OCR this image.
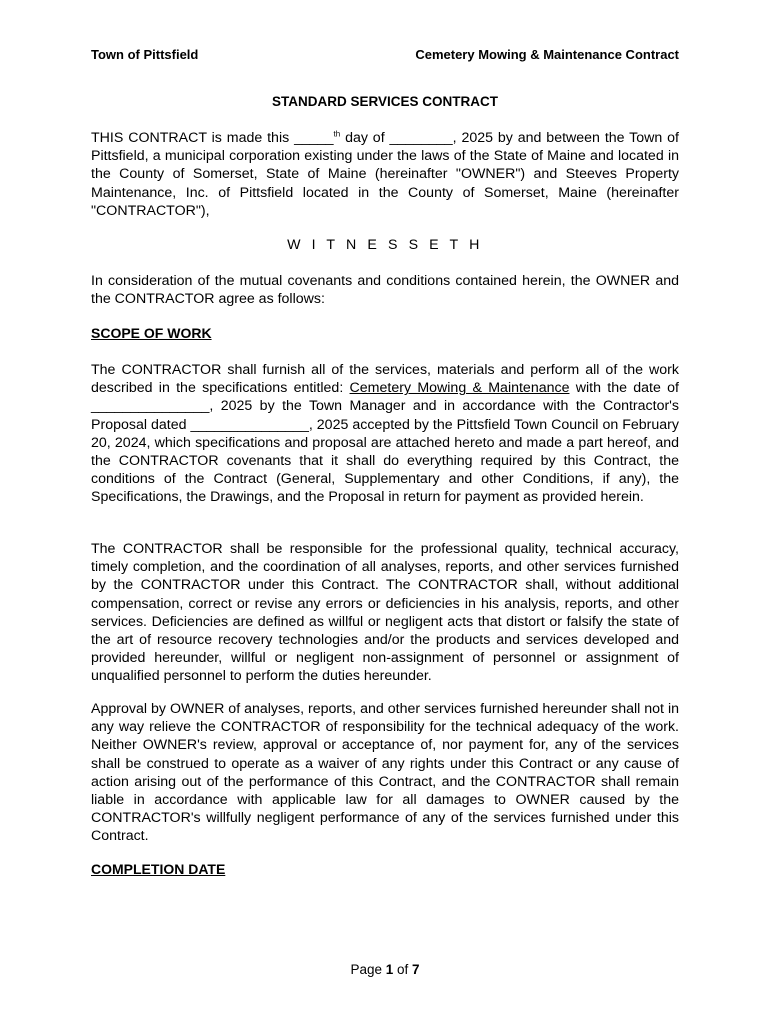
Town of Pittsfield	Cemetery Mowing & Maintenance Contract
STANDARD SERVICES CONTRACT
THIS CONTRACT is made this _____$^{th}$ day of ________, 2025 by and between the Town of Pittsfield, a municipal corporation existing under the laws of the State of Maine and located in the County of Somerset, State of Maine (hereinafter "OWNER") and Steeves Property Maintenance, Inc. of Pittsfield located in the County of Somerset, Maine (hereinafter "CONTRACTOR"),
W I T N E S S E T H
In consideration of the mutual covenants and conditions contained herein, the OWNER and the CONTRACTOR agree as follows:
SCOPE OF WORK
The CONTRACTOR shall furnish all of the services, materials and perform all of the work described in the specifications entitled: Cemetery Mowing & Maintenance with the date of _______________, 2025 by the Town Manager and in accordance with the Contractor's Proposal dated _______________, 2025 accepted by the Pittsfield Town Council on February 20, 2024, which specifications and proposal are attached hereto and made a part hereof, and the CONTRACTOR covenants that it shall do everything required by this Contract, the conditions of the Contract (General, Supplementary and other Conditions, if any), the Specifications, the Drawings, and the Proposal in return for payment as provided herein.
The CONTRACTOR shall be responsible for the professional quality, technical accuracy, timely completion, and the coordination of all analyses, reports, and other services furnished by the CONTRACTOR under this Contract. The CONTRACTOR shall, without additional compensation, correct or revise any errors or deficiencies in his analysis, reports, and other services. Deficiencies are defined as willful or negligent acts that distort or falsify the state of the art of resource recovery technologies and/or the products and services developed and provided hereunder, willful or negligent non-assignment of personnel or assignment of unqualified personnel to perform the duties hereunder.
Approval by OWNER of analyses, reports, and other services furnished hereunder shall not in any way relieve the CONTRACTOR of responsibility for the technical adequacy of the work. Neither OWNER's review, approval or acceptance of, nor payment for, any of the services shall be construed to operate as a waiver of any rights under this Contract or any cause of action arising out of the performance of this Contract, and the CONTRACTOR shall remain liable in accordance with applicable law for all damages to OWNER caused by the CONTRACTOR's willfully negligent performance of any of the services furnished under this Contract.
COMPLETION DATE
Page 1 of 7
